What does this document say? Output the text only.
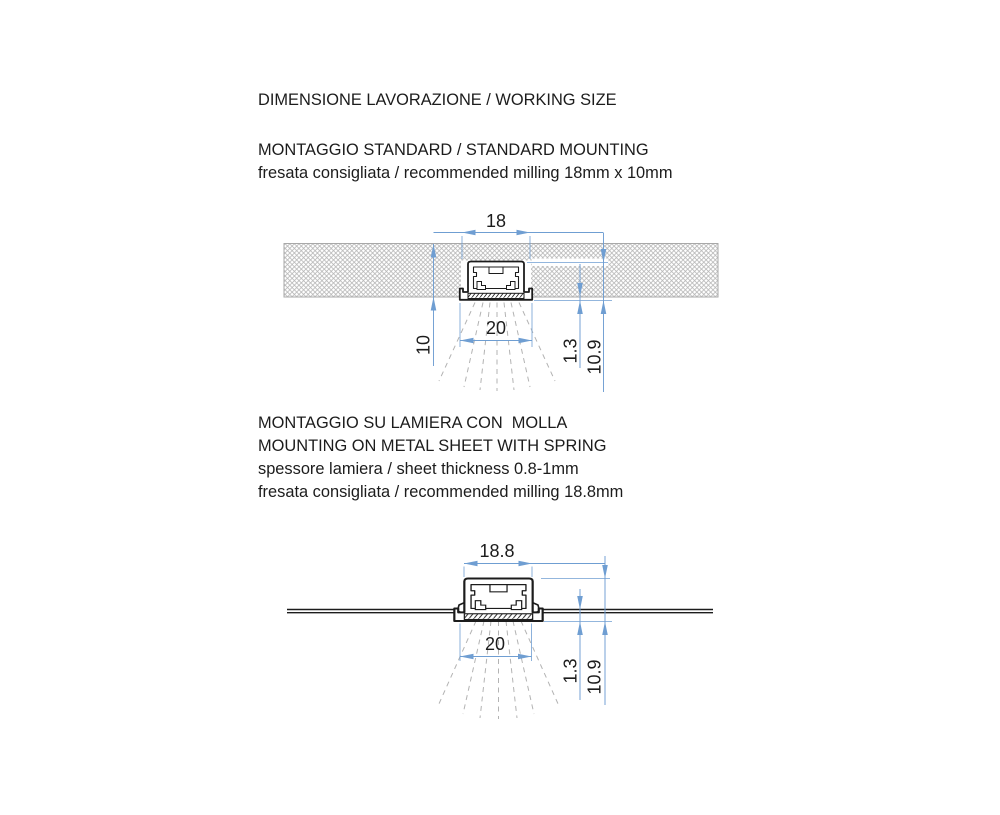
DIMENSIONE LAVORAZIONE / WORKING SIZE
MONTAGGIO STANDARD / STANDARD MOUNTING
fresata consigliata / recommended milling 18mm x 10mm
MONTAGGIO SU LAMIERA CON  MOLLA
MOUNTING ON METAL SHEET WITH SPRING
spessore lamiera / sheet thickness 0.8-1mm
fresata consigliata / recommended milling 18.8mm
18
10
20
1.3 10.9
18.8
20
1.3 10.9
